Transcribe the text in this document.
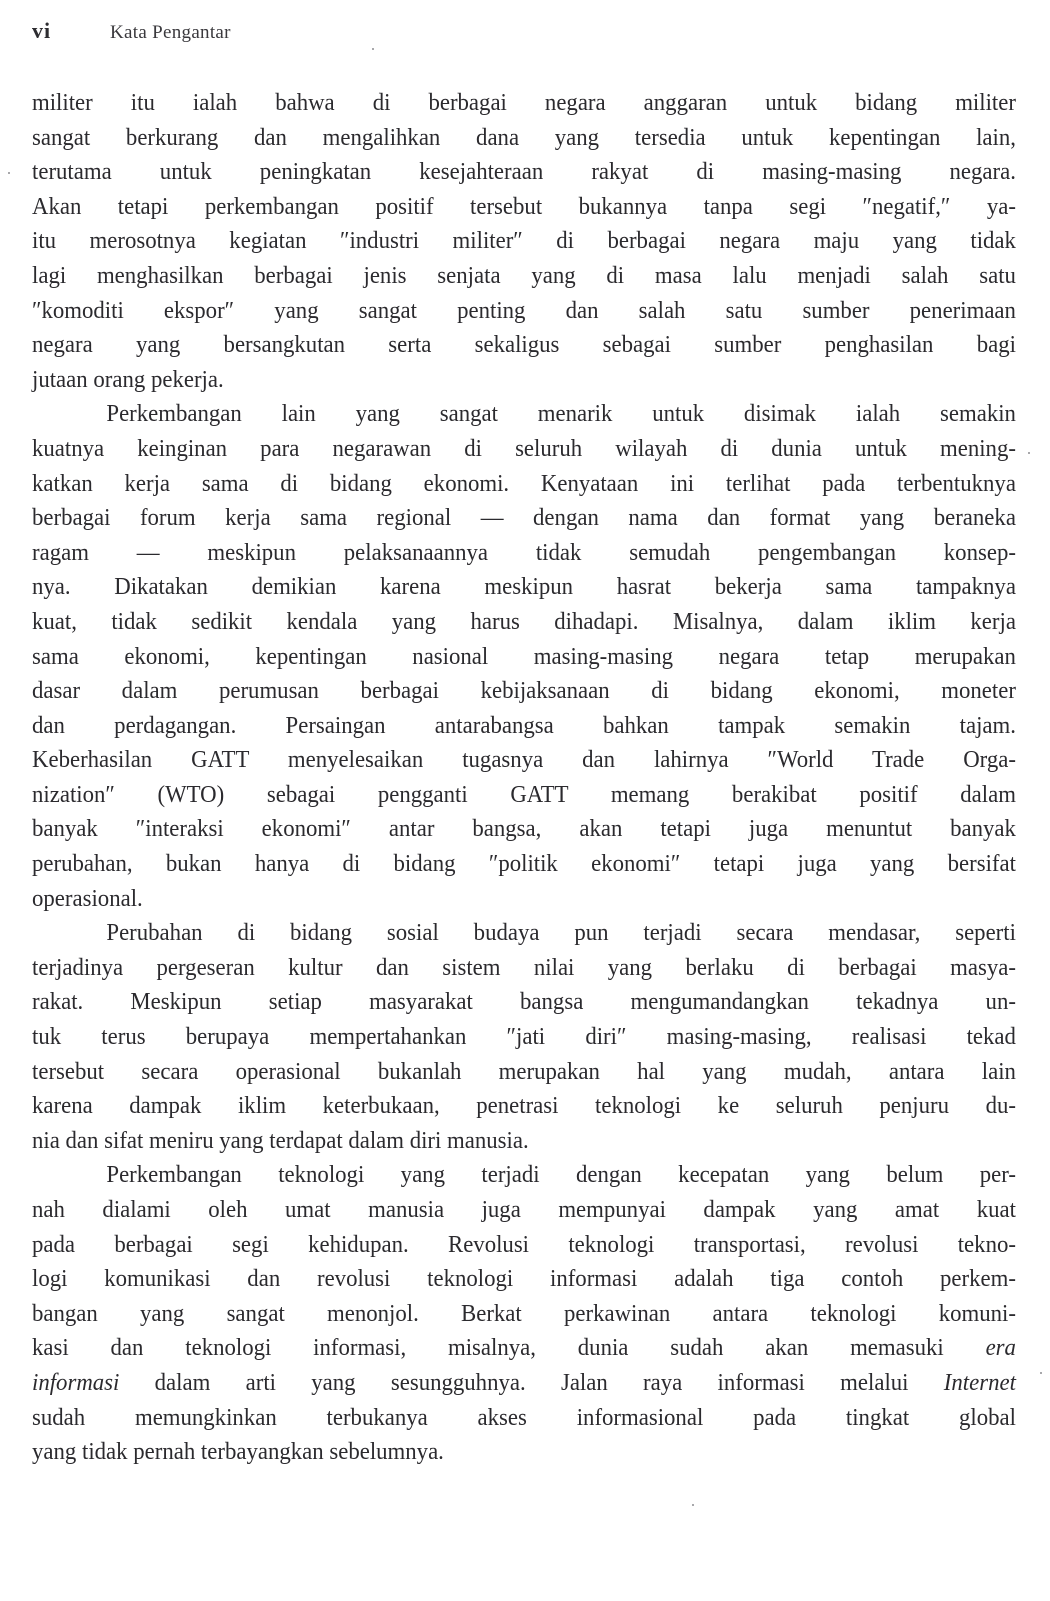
vi	Kata Pengantar
militer itu ialah bahwa di berbagai negara anggaran untuk bidang militer
sangat berkurang dan mengalihkan dana yang tersedia untuk kepentingan lain,
terutama untuk peningkatan kesejahteraan rakyat di masing-masing negara.
Akan tetapi perkembangan positif tersebut bukannya tanpa segi ″negatif,″ ya-
itu merosotnya kegiatan ″industri militer″ di berbagai negara maju yang tidak
lagi menghasilkan berbagai jenis senjata yang di masa lalu menjadi salah satu
″komoditi ekspor″ yang sangat penting dan salah satu sumber penerimaan
negara yang bersangkutan serta sekaligus sebagai sumber penghasilan bagi
jutaan orang pekerja.
Perkembangan lain yang sangat menarik untuk disimak ialah semakin
kuatnya keinginan para negarawan di seluruh wilayah di dunia untuk mening-
katkan kerja sama di bidang ekonomi. Kenyataan ini terlihat pada terbentuknya
berbagai forum kerja sama regional — dengan nama dan format yang beraneka
ragam — meskipun pelaksanaannya tidak semudah pengembangan konsep-
nya. Dikatakan demikian karena meskipun hasrat bekerja sama tampaknya
kuat, tidak sedikit kendala yang harus dihadapi. Misalnya, dalam iklim kerja
sama ekonomi, kepentingan nasional masing-masing negara tetap merupakan
dasar dalam perumusan berbagai kebijaksanaan di bidang ekonomi, moneter
dan perdagangan. Persaingan antarabangsa bahkan tampak semakin tajam.
Keberhasilan GATT menyelesaikan tugasnya dan lahirnya ″World Trade Orga-
nization″ (WTO) sebagai pengganti GATT memang berakibat positif dalam
banyak ″interaksi ekonomi″ antar bangsa, akan tetapi juga menuntut banyak
perubahan, bukan hanya di bidang ″politik ekonomi″ tetapi juga yang bersifat
operasional.
Perubahan di bidang sosial budaya pun terjadi secara mendasar, seperti
terjadinya pergeseran kultur dan sistem nilai yang berlaku di berbagai masya-
rakat. Meskipun setiap masyarakat bangsa mengumandangkan tekadnya un-
tuk terus berupaya mempertahankan ″jati diri″ masing-masing, realisasi tekad
tersebut secara operasional bukanlah merupakan hal yang mudah, antara lain
karena dampak iklim keterbukaan, penetrasi teknologi ke seluruh penjuru du-
nia dan sifat meniru yang terdapat dalam diri manusia.
Perkembangan teknologi yang terjadi dengan kecepatan yang belum per-
nah dialami oleh umat manusia juga mempunyai dampak yang amat kuat
pada berbagai segi kehidupan. Revolusi teknologi transportasi, revolusi tekno-
logi komunikasi dan revolusi teknologi informasi adalah tiga contoh perkem-
bangan yang sangat menonjol. Berkat perkawinan antara teknologi komuni-
kasi dan teknologi informasi, misalnya, dunia sudah akan memasuki era
informasi dalam arti yang sesungguhnya. Jalan raya informasi melalui Internet
sudah memungkinkan terbukanya akses informasional pada tingkat global
yang tidak pernah terbayangkan sebelumnya.
